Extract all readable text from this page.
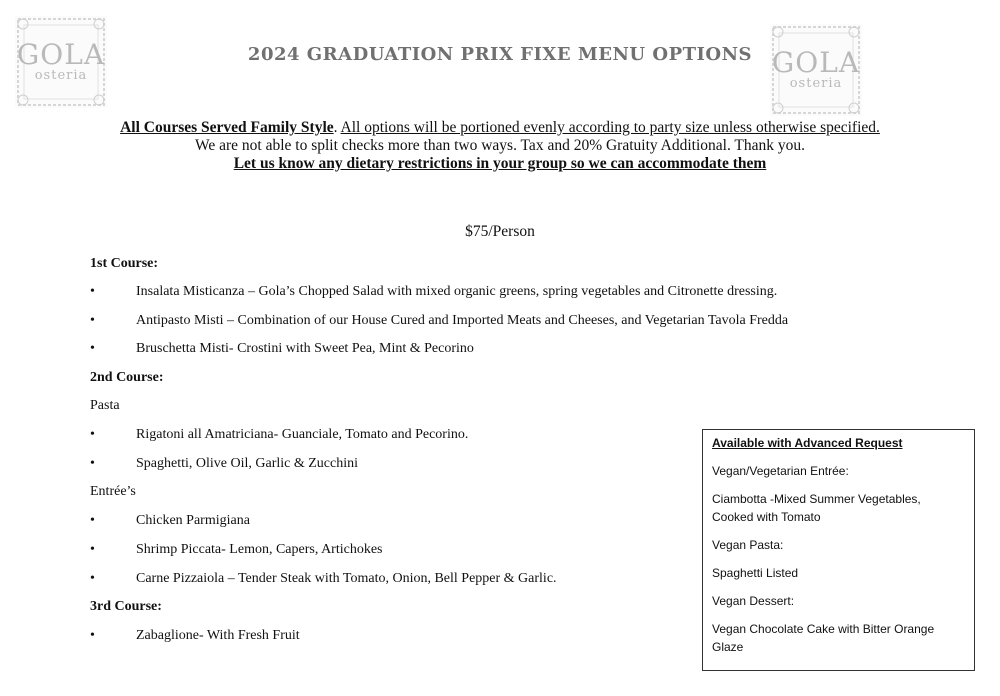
GOLA
osteria	GOLA
osteria
2024 GRADUATION PRIX FIXE MENU OPTIONS

All Courses Served Family Style. All options will be portioned evenly according to party size unless otherwise specified.

We are not able to split checks more than two ways. Tax and 20% Gratuity Additional. Thank you.

Let us know any dietary restrictions in your group so we can accommodate them

$75/Person
1st Course:
•	Insalata Misticanza – Gola’s Chopped Salad with mixed organic greens, spring vegetables and Citronette dressing.
•	Antipasto Misti – Combination of our House Cured and Imported Meats and Cheeses, and Vegetarian Tavola Fredda
•	Bruschetta Misti- Crostini with Sweet Pea, Mint & Pecorino
2nd Course:
Pasta
•	Rigatoni all Amatriciana- Guanciale, Tomato and Pecorino.
•	Spaghetti, Olive Oil, Garlic & Zucchini
Entrée’s
•	Chicken Parmigiana
•	Shrimp Piccata- Lemon, Capers, Artichokes
•	Carne Pizzaiola – Tender Steak with Tomato, Onion, Bell Pepper & Garlic.
3rd Course:
•	Zabaglione- With Fresh Fruit

Available with Advanced Request

Vegan/Vegetarian Entrée:

Ciambotta -Mixed Summer Vegetables, Cooked with Tomato

Vegan Pasta:

Spaghetti Listed

Vegan Dessert:

Vegan Chocolate Cake with Bitter Orange Glaze
